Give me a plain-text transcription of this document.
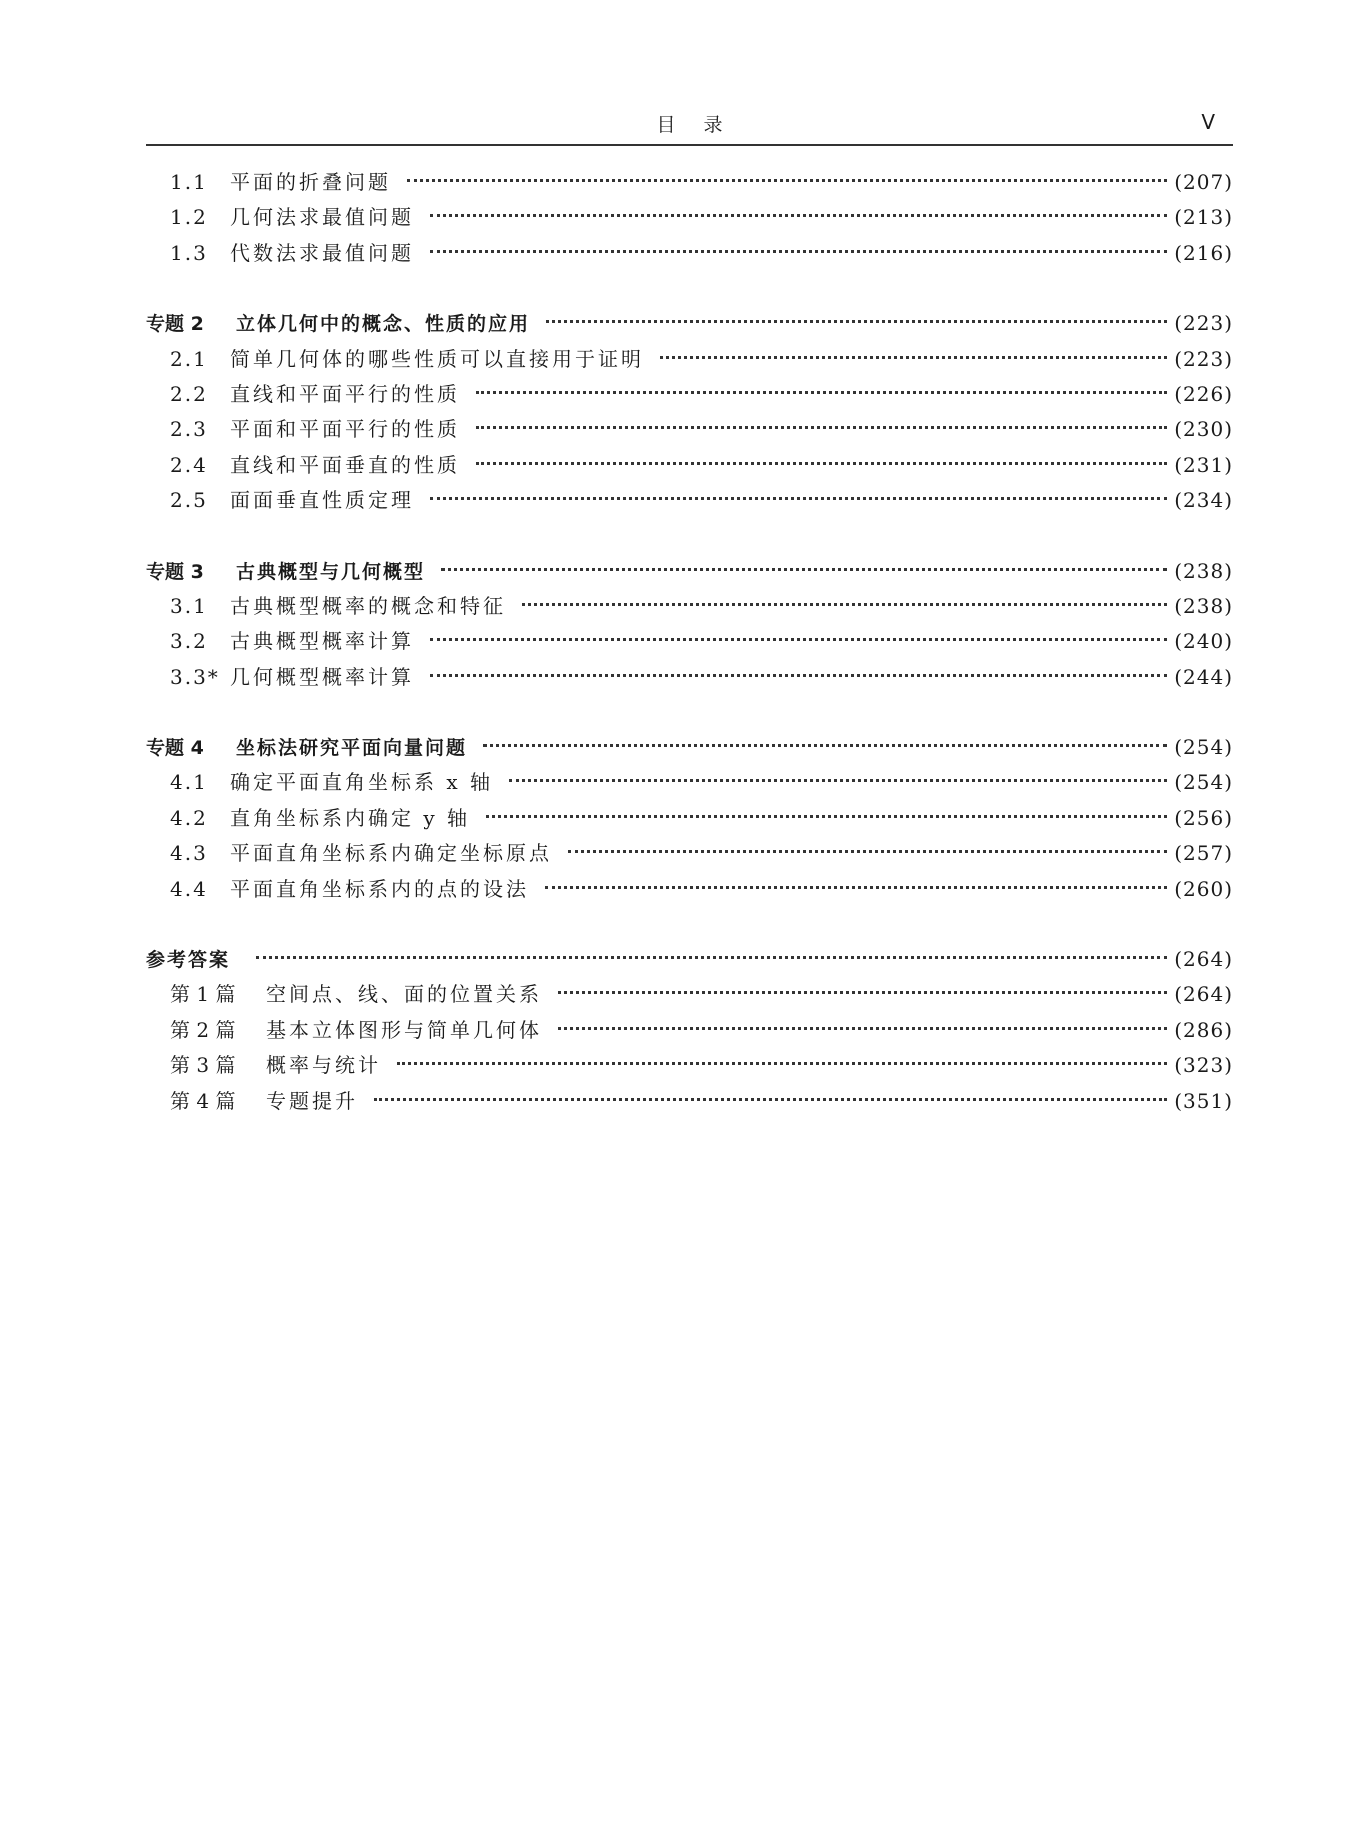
目录	V
1.1	平面的折叠问题	(207)
1.2	几何法求最值问题	(213)
1.3	代数法求最值问题	(216)
专题 2	立体几何中的概念、性质的应用	(223)
2.1	简单几何体的哪些性质可以直接用于证明	(223)
2.2	直线和平面平行的性质	(226)
2.3	平面和平面平行的性质	(230)
2.4	直线和平面垂直的性质	(231)
2.5	面面垂直性质定理	(234)
专题 3	古典概型与几何概型	(238)
3.1	古典概型概率的概念和特征	(238)
3.2	古典概型概率计算	(240)
3.3* 几何概型概率计算	(244)
专题 4	坐标法研究平面向量问题	(254)
4.1	确定平面直角坐标系 x 轴	(254)
4.2	直角坐标系内确定 y 轴	(256)
4.3	平面直角坐标系内确定坐标原点	(257)
4.4	平面直角坐标系内的点的设法	(260)
参考答案	(264)
第 1 篇	空间点、线、面的位置关系	(264)
第 2 篇	基本立体图形与简单几何体	(286)
第 3 篇	概率与统计	(323)
第 4 篇	专题提升	(351)
